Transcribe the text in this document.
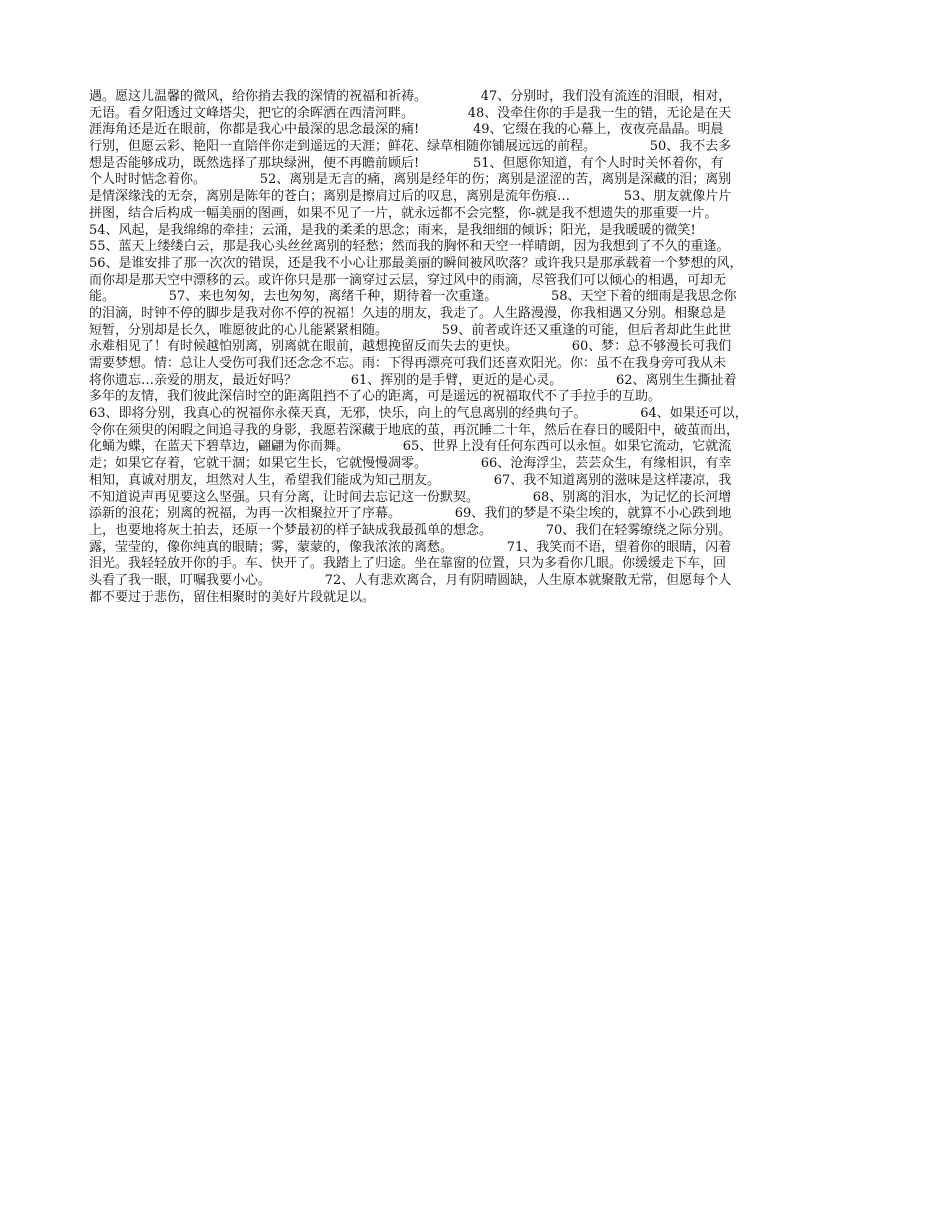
遇。愿这儿温馨的微风，给你捎去我的深情的祝福和祈祷。             47、分别时，我们没有流连的泪眼，相对，
无语。看夕阳透过文峰塔尖，把它的余晖洒在西清河畔。             48、没牵住你的手是我一生的错，无论是在天
涯海角还是近在眼前，你都是我心中最深的思念最深的痛!             49、它缀在我的心幕上，夜夜亮晶晶。明晨
行别，但愿云彩、艳阳一直陪伴你走到遥远的天涯；鲜花、绿草相随你铺展远远的前程。             50、我不去多
想是否能够成功，既然选择了那块绿洲，便不再瞻前顾后!             51、但愿你知道，有个人时时关怀着你，有
个人时时惦念着你。             52、离别是无言的痛，离别是经年的伤；离别是涩涩的苦，离别是深藏的泪；离别
是情深缘浅的无奈，离别是陈年的苍白；离别是擦肩过后的叹息，离别是流年伤痕…             53、朋友就像片片
拼图，结合后构成一幅美丽的图画，如果不见了一片，就永远都不会完整，你-就是我不想遗失的那重要一片。
54、风起，是我绵绵的牵挂；云涌，是我的柔柔的思念；雨来，是我细细的倾诉；阳光，是我暖暖的微笑!
55、蓝天上缕缕白云，那是我心头丝丝离别的轻愁；然而我的胸怀和天空一样晴朗，因为我想到了不久的重逢。
56、是谁安排了那一次次的错误，还是我不小心让那最美丽的瞬间被风吹落？或许我只是那承载着一个梦想的风，
而你却是那天空中漂移的云。或许你只是那一滴穿过云层，穿过风中的雨滴，尽管我们可以倾心的相遇，可却无
能。             57、来也匆匆，去也匆匆，离绪千种，期待着一次重逢。             58、天空下着的细雨是我思念你
的泪滴，时钟不停的脚步是我对你不停的祝福！久违的朋友，我走了。人生路漫漫，你我相遇又分别。相聚总是
短暂，分别却是长久，唯愿彼此的心儿能紧紧相随。             59、前者或许还又重逢的可能，但后者却此生此世
永难相见了！有时候越怕别离，别离就在眼前，越想挽留反而失去的更快。             60、梦：总不够漫长可我们
需要梦想。情：总让人受伤可我们还念念不忘。雨：下得再漂亮可我们还喜欢阳光。你：虽不在我身旁可我从未
将你遗忘…亲爱的朋友，最近好吗？             61、挥别的是手臂，更近的是心灵。             62、离别生生撕扯着
多年的友情，我们彼此深信时空的距离阻挡不了心的距离，可是遥远的祝福取代不了手拉手的互助。
63、即将分别，我真心的祝福你永葆天真，无邪，快乐，向上的气息离别的经典句子。             64、如果还可以，
令你在须臾的闲暇之间追寻我的身影，我愿若深藏于地底的茧，再沉睡二十年，然后在春日的暖阳中，破茧而出，
化蛹为蝶，在蓝天下碧草边，翩翩为你而舞。             65、世界上没有任何东西可以永恒。如果它流动，它就流
走；如果它存着，它就干涸；如果它生长，它就慢慢凋零。             66、沧海浮尘，芸芸众生，有缘相识，有幸
相知，真诚对朋友，坦然对人生，希望我们能成为知己朋友。             67、我不知道离别的滋味是这样凄凉，我
不知道说声再见要这么坚强。只有分离，让时间去忘记这一份默契。             68、别离的泪水，为记忆的长河增
添新的浪花；别离的祝福，为再一次相聚拉开了序幕。             69、我们的梦是不染尘埃的，就算不小心跌到地
上，也要地将灰土拍去，还原一个梦最初的样子缺成我最孤单的想念。             70、我们在轻雾缭绕之际分别。
露，莹莹的，像你纯真的眼睛；雾，蒙蒙的，像我浓浓的离愁。             71、我笑而不语，望着你的眼睛，闪着
泪光。我轻轻放开你的手。车、快开了。我踏上了归途。坐在靠窗的位置，只为多看你几眼。你缓缓走下车，回
头看了我一眼，叮嘱我要小心。             72、人有悲欢离合，月有阴晴圆缺，人生原本就聚散无常，但愿每个人
都不要过于悲伤，留住相聚时的美好片段就足以。
